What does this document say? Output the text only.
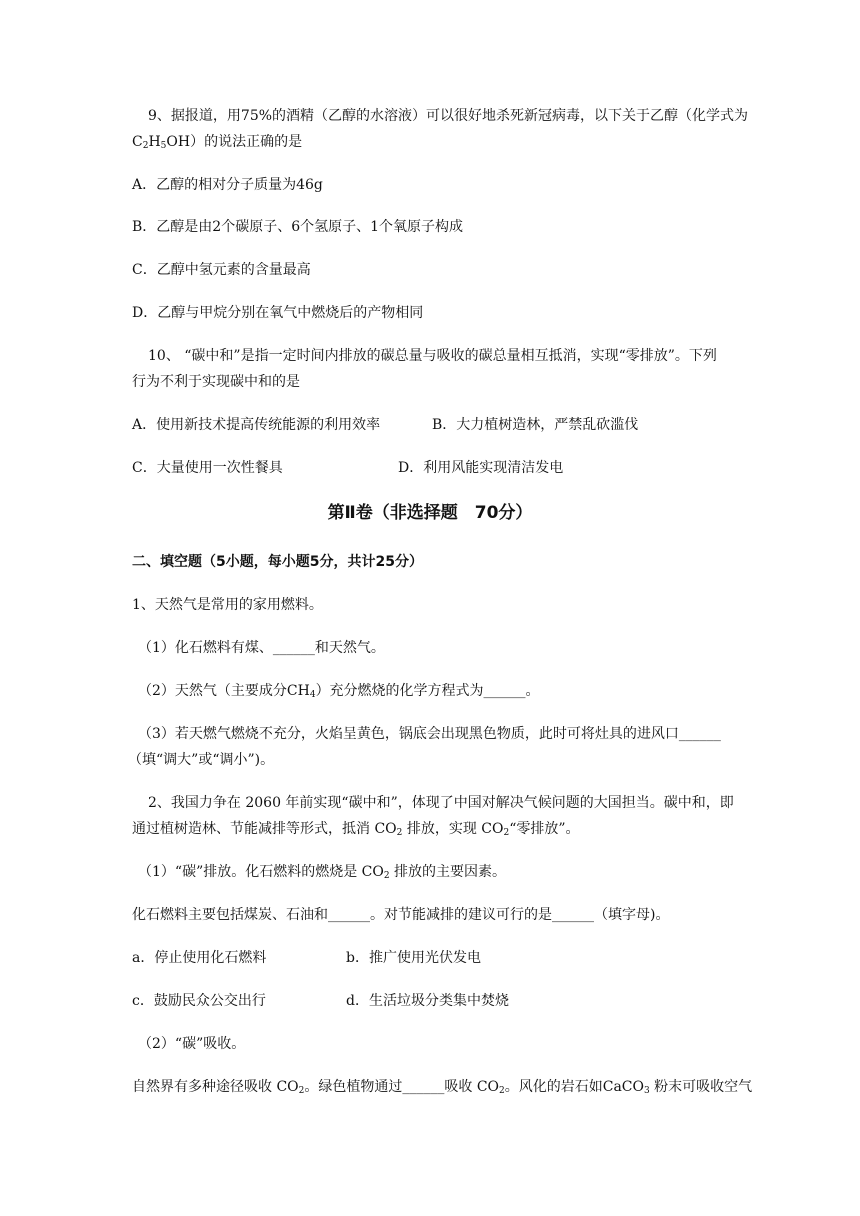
9、据报道，用75%的酒精（乙醇的水溶液）可以很好地杀死新冠病毒，以下关于乙醇（化学式为
$C_2H_5OH$）的说法正确的是
A．乙醇的相对分子质量为46g
B．乙醇是由2个碳原子、6个氢原子、1个氧原子构成
C．乙醇中氢元素的含量最高
D．乙醇与甲烷分别在氧气中燃烧后的产物相同
10、 “碳中和”是指一定时间内排放的碳总量与吸收的碳总量相互抵消，实现“零排放”。下列
行为不利于实现碳中和的是
A．使用新技术提高传统能源的利用效率	B．大力植树造林，严禁乱砍滥伐
C．大量使用一次性餐具	D．利用风能实现清洁发电
第Ⅱ卷（非选择题　70分）
二、填空题（5小题，每小题5分，共计25分）
1、天然气是常用的家用燃料。
（1）化石燃料有煤、______和天然气。
（2）天然气（主要成分$CH_4$）充分燃烧的化学方程式为______。
（3）若天燃气燃烧不充分，火焰呈黄色，锅底会出现黑色物质，此时可将灶具的进风口______
（填“调大”或“调小”)。
2、我国力争在 2060 年前实现“碳中和”，体现了中国对解决气候问题的大国担当。碳中和，即
通过植树造林、节能减排等形式，抵消 $CO_2$ 排放，实现 $CO_2“$零排放”。
（1）“碳”排放。化石燃料的燃烧是 $CO_2$ 排放的主要因素。
化石燃料主要包括煤炭、石油和______。对节能减排的建议可行的是______（填字母)。
a．停止使用化石燃料	b．推广使用光伏发电
c．鼓励民众公交出行	d．生活垃圾分类集中焚烧
（2）“碳”吸收。
自然界有多种途径吸收 $CO_2$。绿色植物通过______吸收 $CO_2$。风化的岩石如CaCO$_3$ 粉末可吸收空气
